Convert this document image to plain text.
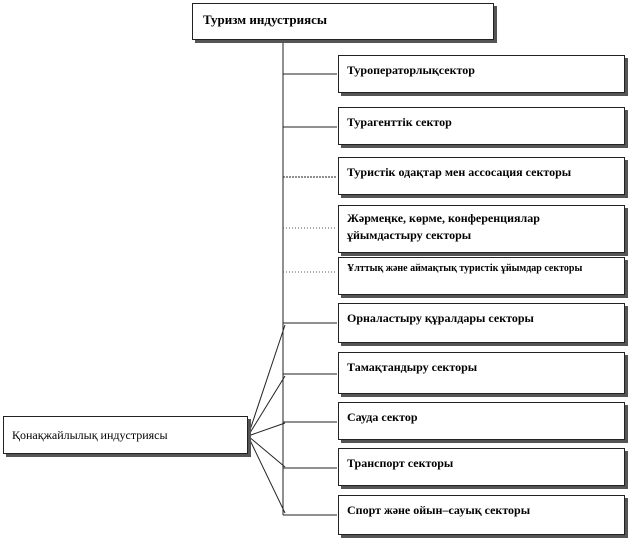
Туризм индустриясы
Қонақжайлылық индустриясы
Туроператорлықсектор
Турагенттік сектор
Туристік одақтар мен ассосация секторы
Жәрмеңке, көрме, конференциялар ұйымдастыру секторы
Ұлттық және аймақтық туристік ұйымдар секторы
Орналастыру құралдары секторы
Тамақтандыру секторы
Сауда сектор
Транспорт секторы
Спорт және ойын–сауық секторы
